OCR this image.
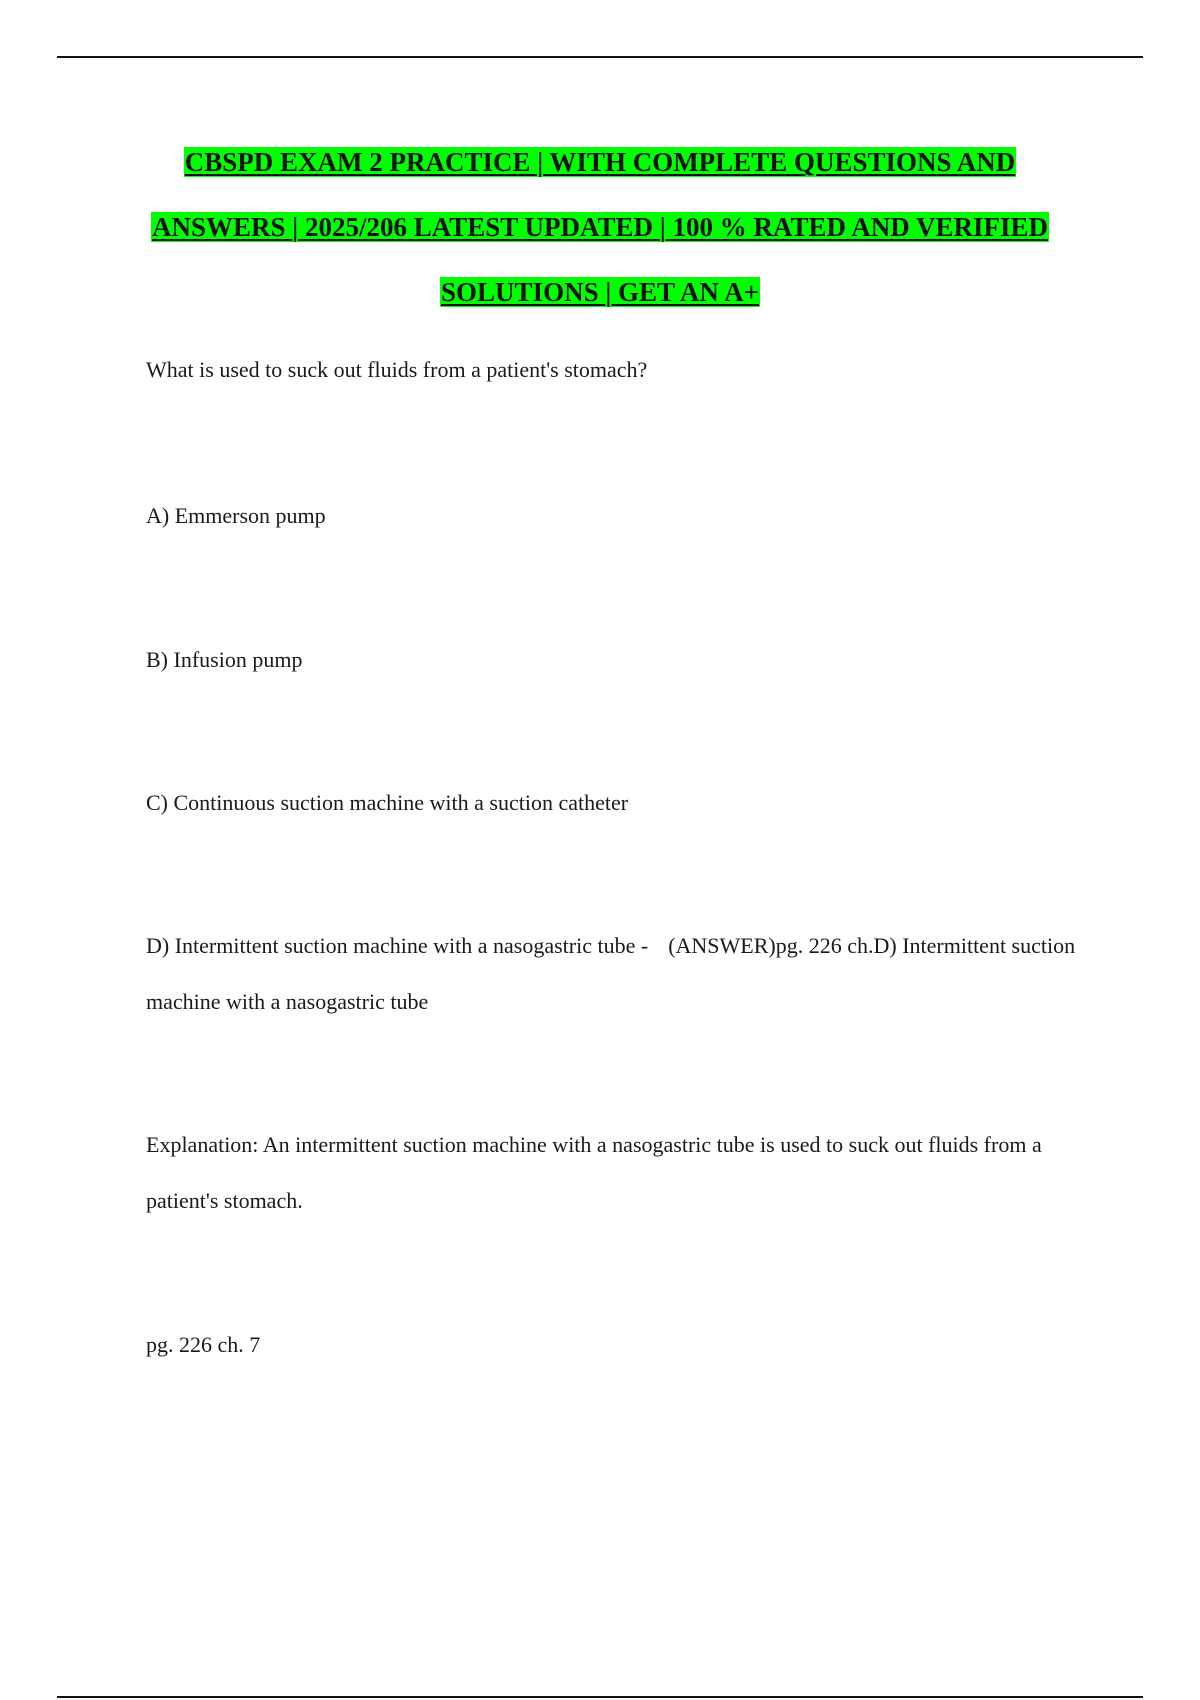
CBSPD EXAM 2 PRACTICE | WITH COMPLETE QUESTIONS AND
ANSWERS | 2025/206 LATEST UPDATED | 100 % RATED AND VERIFIED
SOLUTIONS | GET AN A+

What is used to suck out fluids from a patient's stomach?

A) Emmerson pump

B) Infusion pump

C) Continuous suction machine with a suction catheter

D) Intermittent suction machine with a nasogastric tube - (ANSWER)pg. 226 ch.D) Intermittent suction machine with a nasogastric tube

Explanation: An intermittent suction machine with a nasogastric tube is used to suck out fluids from a patient's stomach.

pg. 226 ch. 7
